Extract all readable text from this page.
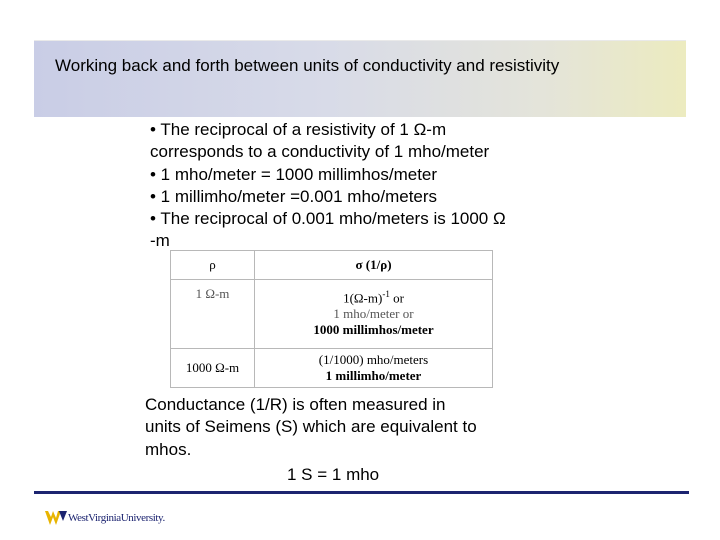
Working back and forth between units of conductivity and resistivity
• The reciprocal of a resistivity of 1 Ω-m
corresponds to a conductivity of 1 mho/meter
• 1 mho/meter = 1000 millimhos/meter
• 1 millimho/meter =0.001 mho/meters
• The reciprocal of 0.001 mho/meters is 1000 Ω
-m
ρ	σ (1/ρ)
1 Ω-m	$1(\Omega-m)^{-1}$ or
1 mho/meter or
1000 millimhos/meter

1000 Ω-m	(1/1000) mho/meters
1 millimho/meter
Conductance (1/R) is often measured in
units of Seimens (S) which are equivalent to
mhos.
1 S = 1 mho
WestVirginiaUniversity.
